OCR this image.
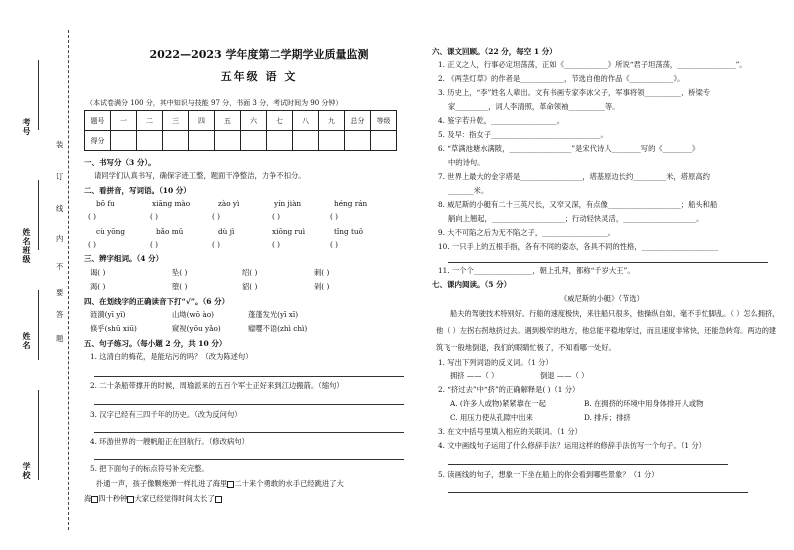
考号
姓名班级
姓名
学校
装
订
线
内
不
要
答
题
2022—2023 学年度第二学期学业质量监测
五年级 语 文
（本试卷满分 100 分，其中知识与技能 97 分，书面 3 分，考试时间为 90 分钟）
题号	一	二	三	四	五	六	七	八	九	总分	等级
得分											
一、书写分（3 分）。
请同学们认真书写，确保字迹工整，题面干净整洁，力争不扣分。
二、看拼音，写词语。（10 分）
bō fu	xiāng mào	zào yì	yín jiàn	héng rán
( )	( )	( )	( )	( )
cù yōng	bǎo mǔ	dù jì	xiōng ruì	tǐng tuō
( )	( )	( )	( )	( )
三、辨字组词。（4 分）
谒( )	坠( )	绍( )	刺( )
渴( )	堕( )	貂( )	剁( )
四、在划线字的正确读音下打“√”。（6 分）
涟漪(yī yǐ)	山坳(wō ào)	蓬蓬发光(yī xī)
倏乎(shū xiū)	窥视(yōu yǎo)	瘤嘤不语(zhì chì)
五、句子练习。（每小题 2 分，共 10 分）
1. 这清白的梅花，是能玷污的吗？（改为陈述句）
2. 二十条船带撑开的时候，周瑜派来的五百个军士正好来到江边搬箭。（缩句）
3. 汉字已经有三四千年的历史。（改为反问句）
4. 环游世界的一艘帆船正在回航行。（修改病句）
5. 把下面句子的标点符号补充完整。
扑通一声，孩子像颗炮弹一样扎进了海里 二十来个勇敢的水手已经跳进了大
海 四十秒钟 大家已经觉得时间太长了
六、课文回顾。（22 分，每空 1 分）
1. 正义之人，行事必定坦荡荡，正如《____________》所说“君子坦荡荡，________________”。
2. 《两茎灯草》的作者是____________，节选自他的作品《____________》。
3. 历史上，“李”姓名人辈出。文有书画专家李冰父子，军事将领__________、桥梁专
家_________，词人李清照，革命领袖__________等。
4. 鉴字若升乾，__________________。
5. 及早：指女子______________________________。
6. “草满池塘水满陂，_________________”是宋代诗人________写的《________》
中的诗句。
7. 世界上最大的金字塔是_________________，塔基原边长约_________米，塔原高约
_______米。
8. 威尼斯的小艇有二十三英尺长，又窄又深，有点像____________________；船头和船
艄向上翘起，____________________；行动轻快灵活，____________________。
9. 大不可陷之后为无不陷之子，__________________。
10. 一只手上的五根手指，各有不同的姿态，各具不同的性格，_____________________
11. 一个个________________，朝上孔拜，都称“千岁大王”。
七、课内阅读。（5 分）
《威尼斯的小艇》（节选）
船夫的驾驶技术特别好。行船的速度极快，来往船只很多，他操纵自如，毫不手忙脚乱。（ ）怎么拥挤，他（ ）左拐右拐地挤过去。遇到极窄的地方，他总能平稳地穿过，而且速度非常快，还能急转弯。两边的建筑飞一般地倒退，我们的眼睛忙极了，不知看哪一处好。
1. 写出下列词语的反义词。（1 分）
拥挤 ——（ ）	倒退 ——（ ）
2. “挤过去”中“挤”的正确解释是( )（1 分）
A. (许多人或物)紧紧靠在一起	B. 在拥挤的环境中用身体排开人或物
C. 用压力使从孔隙中出来	D. 排斥；排挤
3. 在文中括号里填入相应的关联词。（1 分）
4. 文中画线句子运用了什么修辞手法？运用这样的修辞手法仿写一个句子。（1 分）
5. 读画线的句子，想象一下坐在船上的你会看到哪些景象？（1 分）
